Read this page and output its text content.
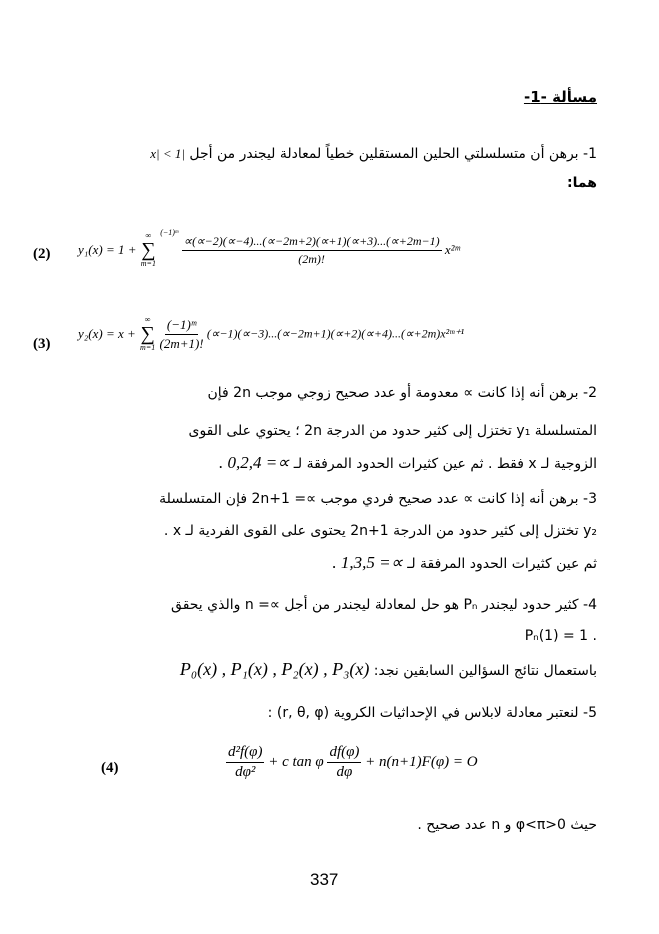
مسألة -1-
1- برهن أن متسلسلتي الحلين المستقلين خطياً لمعادلة ليجندر من أجل |x| < 1
هما:
(2) y₁(x) = 1 +
∞
∑
m=1
$^{(-1)ᵐ}$
$\frac{\propto(\propto-2)(\propto-4)...(\propto-2m+2)(\propto+1)(\propto+3)...(\propto+2m-1)}{(2m)!}$ x²ᵐ
(3)
y₂(x) = x +
∞
∑
m=1
$\frac{\text{(−1)ᵐ}}{(2m+1)!}$ (∝−1)(∝−3)...(∝−2m+1)(∝+2)(∝+4)...(∝+2m)x²ᵐ⁺¹
2- برهن أنه إذا كانت ∝ معدومة أو عدد صحيح زوجي موجب 2n فإن
المتسلسلة y₁ تختزل إلى كثير حدود من الدرجة 2n ؛ يحتوي على القوى
الزوجية لـ x فقط . ثم عين كثيرات الحدود المرفقة لـ ∝= 0,2,4 .
3- برهن أنه إذا كانت ∝ عدد صحيح فردي موجب ∝= 2n+1 فإن المتسلسلة
y₂ تختزل إلى كثير حدود من الدرجة 2n+1 يحتوى على القوى الفردية لـ x .
ثم عين كثيرات الحدود المرفقة لـ ∝= 1,3,5 .
4- كثير حدود ليجندر Pₙ هو حل لمعادلة ليجندر من أجل ∝= n والذي يحقق
. Pₙ(1) = 1
باستعمال نتائج السؤالين السابقين نجد: P₀(x) , P₁(x) , P₂(x) , P₃(x)
5- لنعتبر معادلة لابلاس في الإحداثيات الكروية (r, θ, φ) :
(4)	$\frac{\text{d²f(φ)}}{\text{dφ²}} + c$ tan φ $\frac{df(\varphi)}{d\varphi} + n(n+1)F(\varphi) = O$
حيث 0<φ<π و n عدد صحيح .
337
